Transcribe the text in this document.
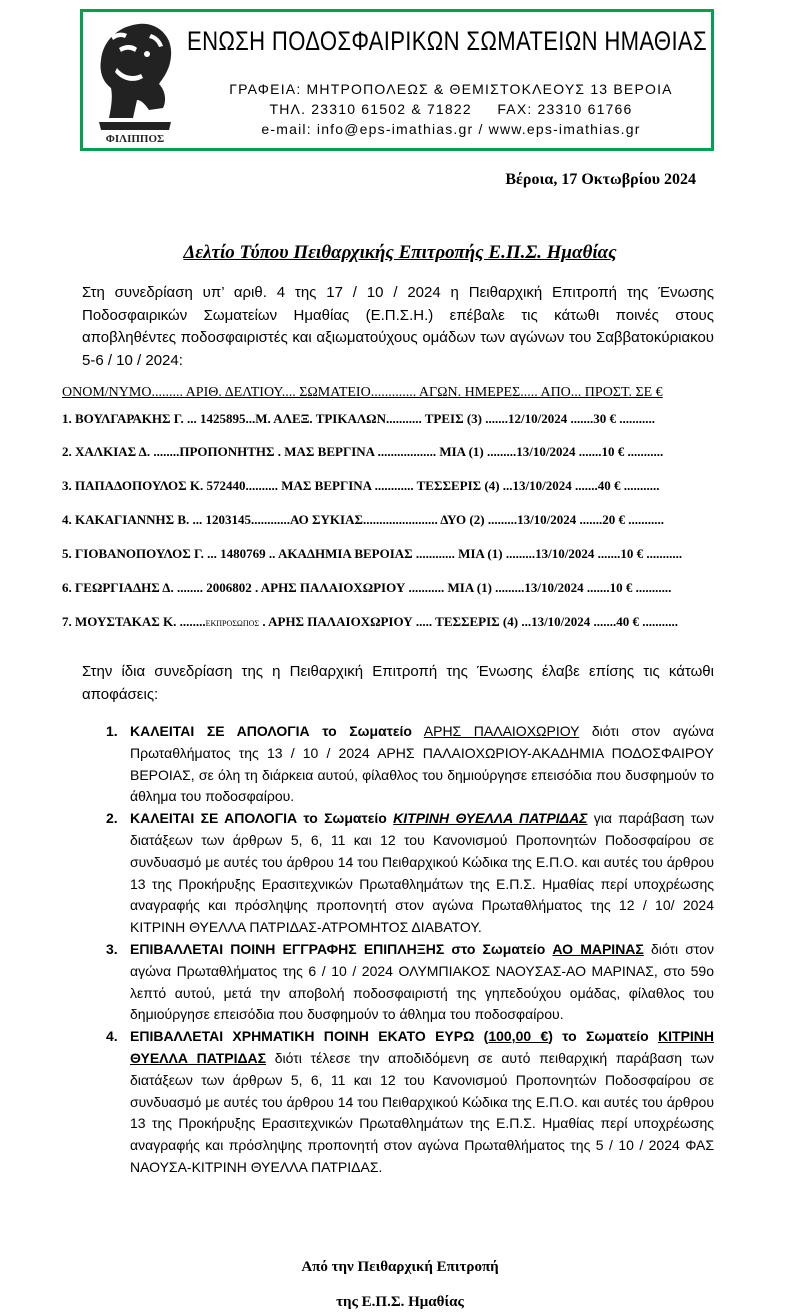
ΦΙΛΙΠΠΟΣ
ΕΝΩΣΗ ΠΟΔΟΣΦΑΙΡΙΚΩΝ ΣΩΜΑΤΕΙΩΝ ΗΜΑΘΙΑΣ
ΓΡΑΦΕΙΑ: ΜΗΤΡΟΠΟΛΕΩΣ & ΘΕΜΙΣΤΟΚΛΕΟΥΣ 13 ΒΕΡΟΙΑ
ΤΗΛ. 23310 61502 & 71822     FAX: 23310 61766
e-mail: info@eps-imathias.gr / www.eps-imathias.gr
Βέροια, 17 Οκτωβρίου 2024
Δελτίο Τύπου Πειθαρχικής Επιτροπής Ε.Π.Σ. Ημαθίας
Στη συνεδρίαση υπ’ αριθ. 4 της 17 / 10 / 2024 η Πειθαρχική Επιτροπή της Ένωσης Ποδοσφαιρικών Σωματείων Ημαθίας (Ε.Π.Σ.Η.) επέβαλε τις κάτωθι ποινές στους αποβληθέντες ποδοσφαιριστές και αξιωματούχους ομάδων των αγώνων του Σαββατοκύριακου 5-6 / 10 / 2024:
ΟΝΟΜ/ΝΥΜΟ......... ΑΡΙΘ. ΔΕΛΤΙΟΥ.... ΣΩΜΑΤΕΙΟ............. ΑΓΩΝ. ΗΜΕΡΕΣ..... ΑΠΟ... ΠΡΟΣΤ. ΣΕ €
1. ΒΟΥΛΓΑΡΑΚΗΣ Γ. ... 1425895...Μ. ΑΛΕΞ. ΤΡΙΚΑΛΩΝ........... ΤΡΕΙΣ (3) .......12/10/2024 .......30 € ...........
2. ΧΑΛΚΙΑΣ Δ. ........ΠΡΟΠΟΝΗΤΗΣ . ΜΑΣ ΒΕΡΓΙΝΑ .................. ΜΙΑ (1) .........13/10/2024 .......10 € ...........
3. ΠΑΠΑΔΟΠΟΥΛΟΣ Κ. 572440.......... ΜΑΣ ΒΕΡΓΙΝΑ ............ ΤΕΣΣΕΡΙΣ (4) ...13/10/2024 .......40 € ...........
4. ΚΑΚΑΓΙΑΝΝΗΣ Β. ... 1203145............ΑΟ ΣΥΚΙΑΣ....................... ΔΥΟ (2) .........13/10/2024 .......20 € ...........
5. ΓΙΟΒΑΝΟΠΟΥΛΟΣ Γ. ... 1480769 .. ΑΚΑΔΗΜΙΑ ΒΕΡΟΙΑΣ ............ ΜΙΑ (1) .........13/10/2024 .......10 € ...........
6. ΓΕΩΡΓΙΑΔΗΣ Δ. ........ 2006802 . ΑΡΗΣ ΠΑΛΑΙΟΧΩΡΙΟΥ ........... ΜΙΑ (1) .........13/10/2024 .......10 € ...........
7. ΜΟΥΣΤΑΚΑΣ Κ. ........ΕΚΠΡΟΣΩΠΟΣ . ΑΡΗΣ ΠΑΛΑΙΟΧΩΡΙΟΥ ..... ΤΕΣΣΕΡΙΣ (4) ...13/10/2024 .......40 € ...........
Στην ίδια συνεδρίαση της η Πειθαρχική Επιτροπή της Ένωσης έλαβε επίσης τις κάτωθι αποφάσεις:
1. ΚΑΛΕΙΤΑΙ ΣΕ ΑΠΟΛΟΓΙΑ το Σωματείο ΑΡΗΣ ΠΑΛΑΙΟΧΩΡΙΟΥ διότι στον αγώνα Πρωταθλήματος της 13 / 10 / 2024 ΑΡΗΣ ΠΑΛΑΙΟΧΩΡΙΟΥ-ΑΚΑΔΗΜΙΑ ΠΟΔΟΣΦΑΙΡΟΥ ΒΕΡΟΙΑΣ, σε όλη τη διάρκεια αυτού, φίλαθλος του δημιούργησε επεισόδια που δυσφημούν το άθλημα του ποδοσφαίρου.
2. ΚΑΛΕΙΤΑΙ ΣΕ ΑΠΟΛΟΓΙΑ το Σωματείο ΚΙΤΡΙΝΗ ΘΥΕΛΛΑ ΠΑΤΡΙΔΑΣ για παράβαση των διατάξεων των άρθρων 5, 6, 11 και 12 του Κανονισμού Προπονητών Ποδοσφαίρου σε συνδυασμό με αυτές του άρθρου 14 του Πειθαρχικού Κώδικα της Ε.Π.Ο. και αυτές του άρθρου 13 της Προκήρυξης Ερασιτεχνικών Πρωταθλημάτων της Ε.Π.Σ. Ημαθίας περί υποχρέωσης αναγραφής και πρόσληψης προπονητή στον αγώνα Πρωταθλήματος της 12 / 10/ 2024 ΚΙΤΡΙΝΗ ΘΥΕΛΛΑ ΠΑΤΡΙΔΑΣ-ΑΤΡΟΜΗΤΟΣ ΔΙΑΒΑΤΟΥ.
3. ΕΠΙΒΑΛΛΕΤΑΙ ΠΟΙΝΗ ΕΓΓΡΑΦΗΣ ΕΠΙΠΛΗΞΗΣ στο Σωματείο ΑΟ ΜΑΡΙΝΑΣ διότι στον αγώνα Πρωταθλήματος της 6 / 10 / 2024 ΟΛΥΜΠΙΑΚΟΣ ΝΑΟΥΣΑΣ-ΑΟ ΜΑΡΙΝΑΣ, στο 59ο λεπτό αυτού, μετά την αποβολή ποδοσφαιριστή της γηπεδούχου ομάδας, φίλαθλος του δημιούργησε επεισόδια που δυσφημούν το άθλημα του ποδοσφαίρου.
4. ΕΠΙΒΑΛΛΕΤΑΙ ΧΡΗΜΑΤΙΚΗ ΠΟΙΝΗ ΕΚΑΤΟ ΕΥΡΩ (100,00 €) το Σωματείο ΚΙΤΡΙΝΗ ΘΥΕΛΛΑ ΠΑΤΡΙΔΑΣ διότι τέλεσε την αποδιδόμενη σε αυτό πειθαρχική παράβαση των διατάξεων των άρθρων 5, 6, 11 και 12 του Κανονισμού Προπονητών Ποδοσφαίρου σε συνδυασμό με αυτές του άρθρου 14 του Πειθαρχικού Κώδικα της Ε.Π.Ο. και αυτές του άρθρου 13 της Προκήρυξης Ερασιτεχνικών Πρωταθλημάτων της Ε.Π.Σ. Ημαθίας περί υποχρέωσης αναγραφής και πρόσληψης προπονητή στον αγώνα Πρωταθλήματος της 5 / 10 / 2024 ΦΑΣ ΝΑΟΥΣΑ-ΚΙΤΡΙΝΗ ΘΥΕΛΛΑ ΠΑΤΡΙΔΑΣ.
Από την Πειθαρχική Επιτροπή
της Ε.Π.Σ. Ημαθίας
